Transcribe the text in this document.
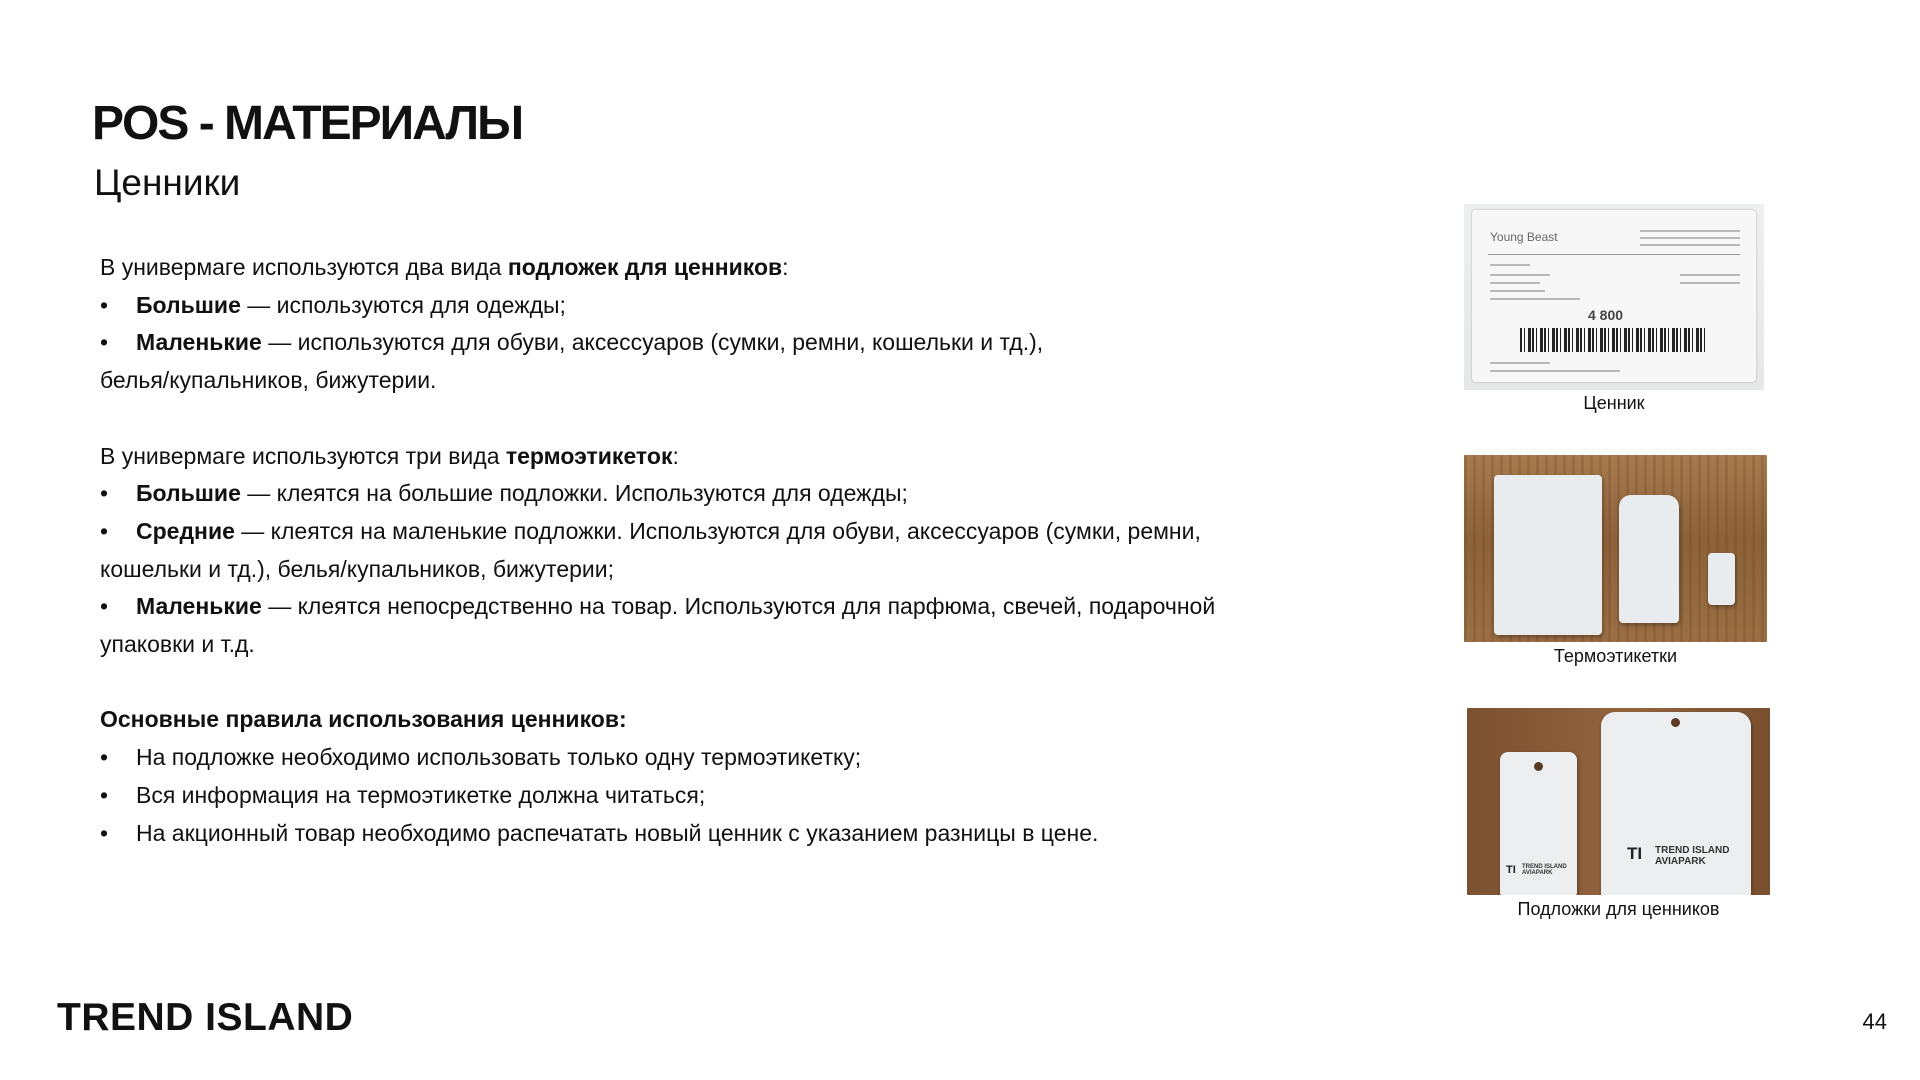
POS - МАТЕРИАЛЫ
Ценники
В универмаге используются два вида подложек для ценников:
• Большие — используются для одежды;
• Маленькие — используются для обуви, аксессуаров (сумки, ремни, кошельки и тд.),
белья/купальников, бижутерии.
В универмаге используются три вида термоэтикеток:
• Большие — клеятся на большие подложки. Используются для одежды;
• Средние — клеятся на маленькие подложки. Используются для обуви, аксессуаров (сумки, ремни,
кошельки и тд.), белья/купальников, бижутерии;
• Маленькие — клеятся непосредственно на товар. Используются для парфюма, свечей, подарочной
упаковки и т.д.
Основные правила использования ценников:
• На подложке необходимо использовать только одну термоэтикетку;
• Вся информация на термоэтикетке должна читаться;
• На акционный товар необходимо распечатать новый ценник с указанием разницы в цене.
Young Beast
4 800
Ценник
Термоэтикетки
TI TREND ISLAND
AVIAPARK
TI TREND ISLAND
AVIAPARK
Подложки для ценников
TREND ISLAND	44
